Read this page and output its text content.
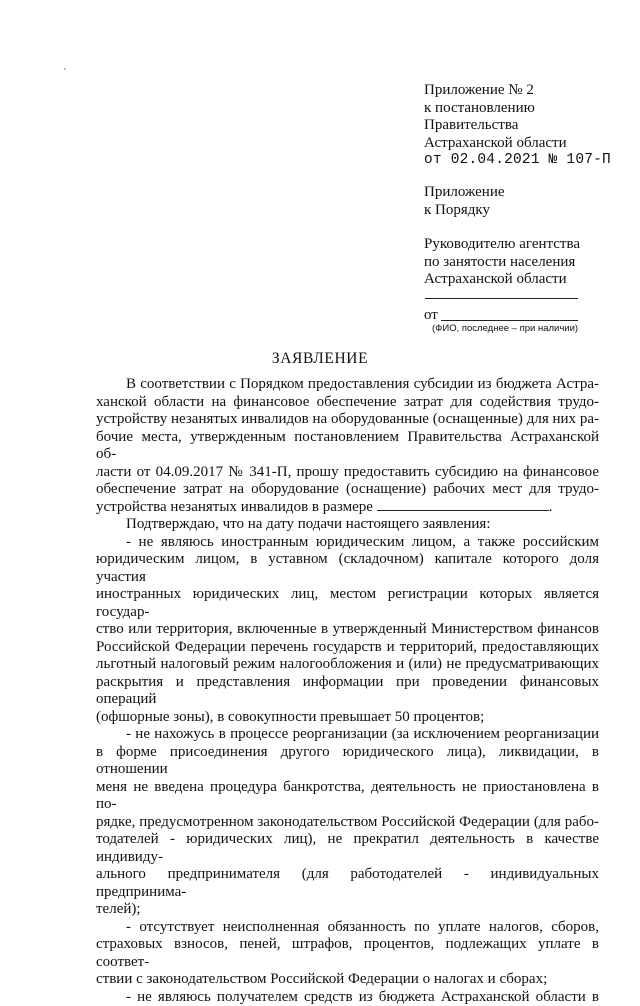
Приложение № 2
к постановлению
Правительства
Астраханской области
от 02.04.2021 № 107-П
Приложение
к Порядку
Руководителю агентства
по занятости населения
Астраханской области
от
(ФИО, последнее – при наличии)
ЗАЯВЛЕНИЕ

В соответствии с Порядком предоставления субсидии из бюджета Астра-

ханской области на финансовое обеспечение затрат для содействия трудо-

устройству незанятых инвалидов на оборудованные (оснащенные) для них ра-

бочие места, утвержденным постановлением Правительства Астраханской об-

ласти от 04.09.2017 № 341-П, прошу предоставить субсидию на финансовое

обеспечение затрат на оборудование (оснащение) рабочих мест для трудо-

устройства незанятых инвалидов в размере	.

Подтверждаю, что на дату подачи настоящего заявления:

- не являюсь иностранным юридическим лицом, а также российским

юридическим лицом, в уставном (складочном) капитале которого доля участия

иностранных юридических лиц, местом регистрации которых является государ-

ство или территория, включенные в утвержденный Министерством финансов

Российской Федерации перечень государств и территорий, предоставляющих

льготный налоговый режим налогообложения и (или) не предусматривающих

раскрытия и представления информации при проведении финансовых операций

(офшорные зоны), в совокупности превышает 50 процентов;

- не нахожусь в процессе реорганизации (за исключением реорганизации

в форме присоединения другого юридического лица), ликвидации, в отношении

меня не введена процедура банкротства, деятельность не приостановлена в по-

рядке, предусмотренном законодательством Российской Федерации (для рабо-

тодателей - юридических лиц), не прекратил деятельность в качестве индивиду-

ального предпринимателя (для работодателей - индивидуальных предпринима-

телей);

- отсутствует неисполненная обязанность по уплате налогов, сборов,

страховых взносов, пеней, штрафов, процентов, подлежащих уплате в соответ-

ствии с законодательством Российской Федерации о налогах и сборах;

- не являюсь получателем средств из бюджета Астраханской области в
